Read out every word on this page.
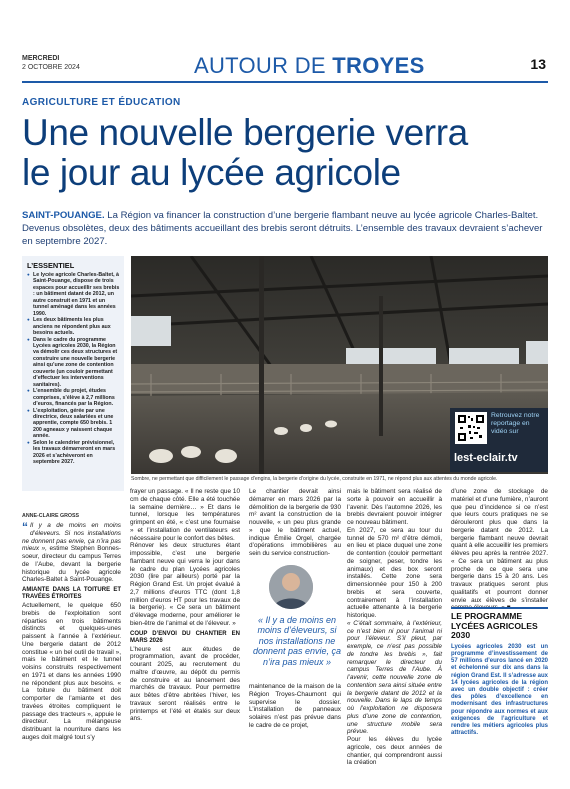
MERCREDI
2 OCTOBRE 2024	AUTOUR DE TROYES	13
AGRICULTURE ET ÉDUCATION
Une nouvelle bergerie verra
le jour au lycée agricole
SAINT-POUANGE. La Région va financer la construction d’une bergerie flambant neuve au lycée agricole Charles-Baltet. Devenus obsolètes, deux des bâtiments accueillant des brebis seront détruits. L’ensemble des travaux devraient s’achever en septembre 2027.
L’ESSENTIEL
● Le lycée agricole Charles-Baltet, à Saint-Pouange, dispose de trois espaces pour accueillir ses brebis : un bâtiment datant de 2012, un autre construit en 1971 et un tunnel aménagé dans les années 1990.
● Les deux bâtiments les plus anciens ne répondent plus aux besoins actuels.
● Dans le cadre du programme Lycées agricoles 2030, la Région va démolir ces deux structures et construire une nouvelle bergerie ainsi qu’une zone de contention couverte (un couloir permettant d’effectuer les interventions sanitaires).
● L’ensemble du projet, études comprises, s’élève à 2,7 millions d’euros, financés par la Région.
● L’exploitation, gérée par une directrice, deux salariées et une apprentie, compte 650 brebis. 1 200 agneaux y naissent chaque année.
● Selon le calendrier prévisionnel, les travaux démarreront en mars 2026 et s’achèveront en septembre 2027.
Sombre, ne permettant que difficilement le passage d’engins, la bergerie d’origine du lycée, construite en 1971, ne répond plus aux attentes du monde agricole.
Retrouvez notre reportage en vidéo sur
lest-eclair.tv
ANNE-CLAIRE GROSS

“ Il y a de moins en moins d’éleveurs. Si nos installations ne donnent pas envie, ça n’ira pas mieux », estime Stephen Bonnes-soeur, directeur du campus Terres de l’Aube, devant la bergerie historique du lycée agricole Charles-Baltet à Saint-Pouange.

AMIANTE DANS LA TOITURE ET TRAVÉES ÉTROITES

Actuellement, le quelque 650 brebis de l’exploitation sont réparties en trois bâtiments distincts et quelques-unes paissent à l’année à l’extérieur. Une bergerie datant de 2012 constitue « un bel outil de travail », mais le bâtiment et le tunnel voisins construits respectivement en 1971 et dans les années 1990 ne répondent plus aux besoins. « La toiture du bâtiment doit comporter de l’amiante et des travées étroites compliquent le passage des tracteurs », appuie le directeur. La mélangeuse distribuant la nourriture dans les auges doit malgré tout s’y

frayer un passage. « Il ne reste que 10 cm de chaque côté. Elle a été touchée la semaine dernière… » Et dans le tunnel, lorsque les températures grimpent en été, « c’est une fournaise » et l’installation de ventilateurs est nécessaire pour le confort des bêtes.

Rénover les deux structures étant impossible, c’est une bergerie flambant neuve qui verra le jour dans le cadre du plan Lycées agricoles 2030 (lire par ailleurs) porté par la Région Grand Est. Un projet évalué à 2,7 millions d’euros TTC (dont 1,8 million d’euros HT pour les travaux de la bergerie). « Ce sera un bâtiment d’élevage moderne, pour améliorer le bien-être de l’animal et de l’éleveur. »

COUP D’ENVOI DU CHANTIER EN MARS 2026

L’heure est aux études de programmation, avant de procéder, courant 2025, au recrutement du maître d’œuvre, au dépôt du permis de construire et au lancement des marchés de travaux. Pour permettre aux bêtes d’être abritées l’hiver, les travaux seront réalisés entre le printemps et l’été et étalés sur deux ans.

Le chantier devrait ainsi démarrer en mars 2026 par la démolition de la bergerie de 930 m² avant la construction de la nouvelle, « un peu plus grande » que le bâtiment actuel, indique Émilie Orgel, chargée d’opérations immobilières au sein du service construction-

« Il y a de moins en moins d’éleveurs, si nos installations ne donnent pas envie, ça n’ira pas mieux »

maintenance de la maison de la Région Troyes-Chaumont qui supervise le dossier. L’installation de panneaux solaires n’est pas prévue dans le cadre de ce projet,

mais le bâtiment sera réalisé de sorte à pouvoir en accueillir à l’avenir. Dès l’automne 2026, les brebis devraient pouvoir intégrer ce nouveau bâtiment.

En 2027, ce sera au tour du tunnel de 570 m² d’être démoli, en lieu et place duquel une zone de contention (couloir permettant de soigner, peser, tondre les animaux) et des box seront installés. Cette zone sera dimensionnée pour 150 à 200 brebis et sera couverte, contrairement à l’installation actuelle attenante à la bergerie historique.

« C’était sommaire, à l’extérieur, ce n’est bien ni pour l’animal ni pour l’éleveur. S’il pleut, par exemple, ce n’est pas possible de tondre les brebis », fait remarquer le directeur du campus Terres de l’Aube. À l’avenir, cette nouvelle zone de contention sera ainsi située entre la bergerie datant de 2012 et la nouvelle. Dans le laps de temps où l’exploitation ne disposera plus d’une zone de contention, une structure mobile sera prévue.

Pour les élèves du lycée agricole, ces deux années de chantier, qui comprendront aussi la création

d’une zone de stockage de matériel et d’une fumière, n’auront que peu d’incidence si ce n’est que leurs cours pratiques ne se dérouleront plus que dans la bergerie datant de 2012. La bergerie flambant neuve devrait quant à elle accueillir les premiers élèves peu après la rentrée 2027. « Ce sera un bâtiment au plus proche de ce que sera une bergerie dans 15 à 20 ans. Les travaux pratiques seront plus qualitatifs et pourront donner envie aux élèves de s’installer comme éleveurs. » ■

LE PROGRAMME LYCÉES AGRICOLES 2030
Lycées agricoles 2030 est un programme d’investissement de 57 millions d’euros lancé en 2020 et échelonné sur dix ans dans la région Grand Est. Il s’adresse aux 14 lycées agricoles de la région avec un double objectif : créer des pôles d’excellence en modernisant des infrastructures pour répondre aux normes et aux exigences de l’agriculture et rendre les métiers agricoles plus attractifs.
